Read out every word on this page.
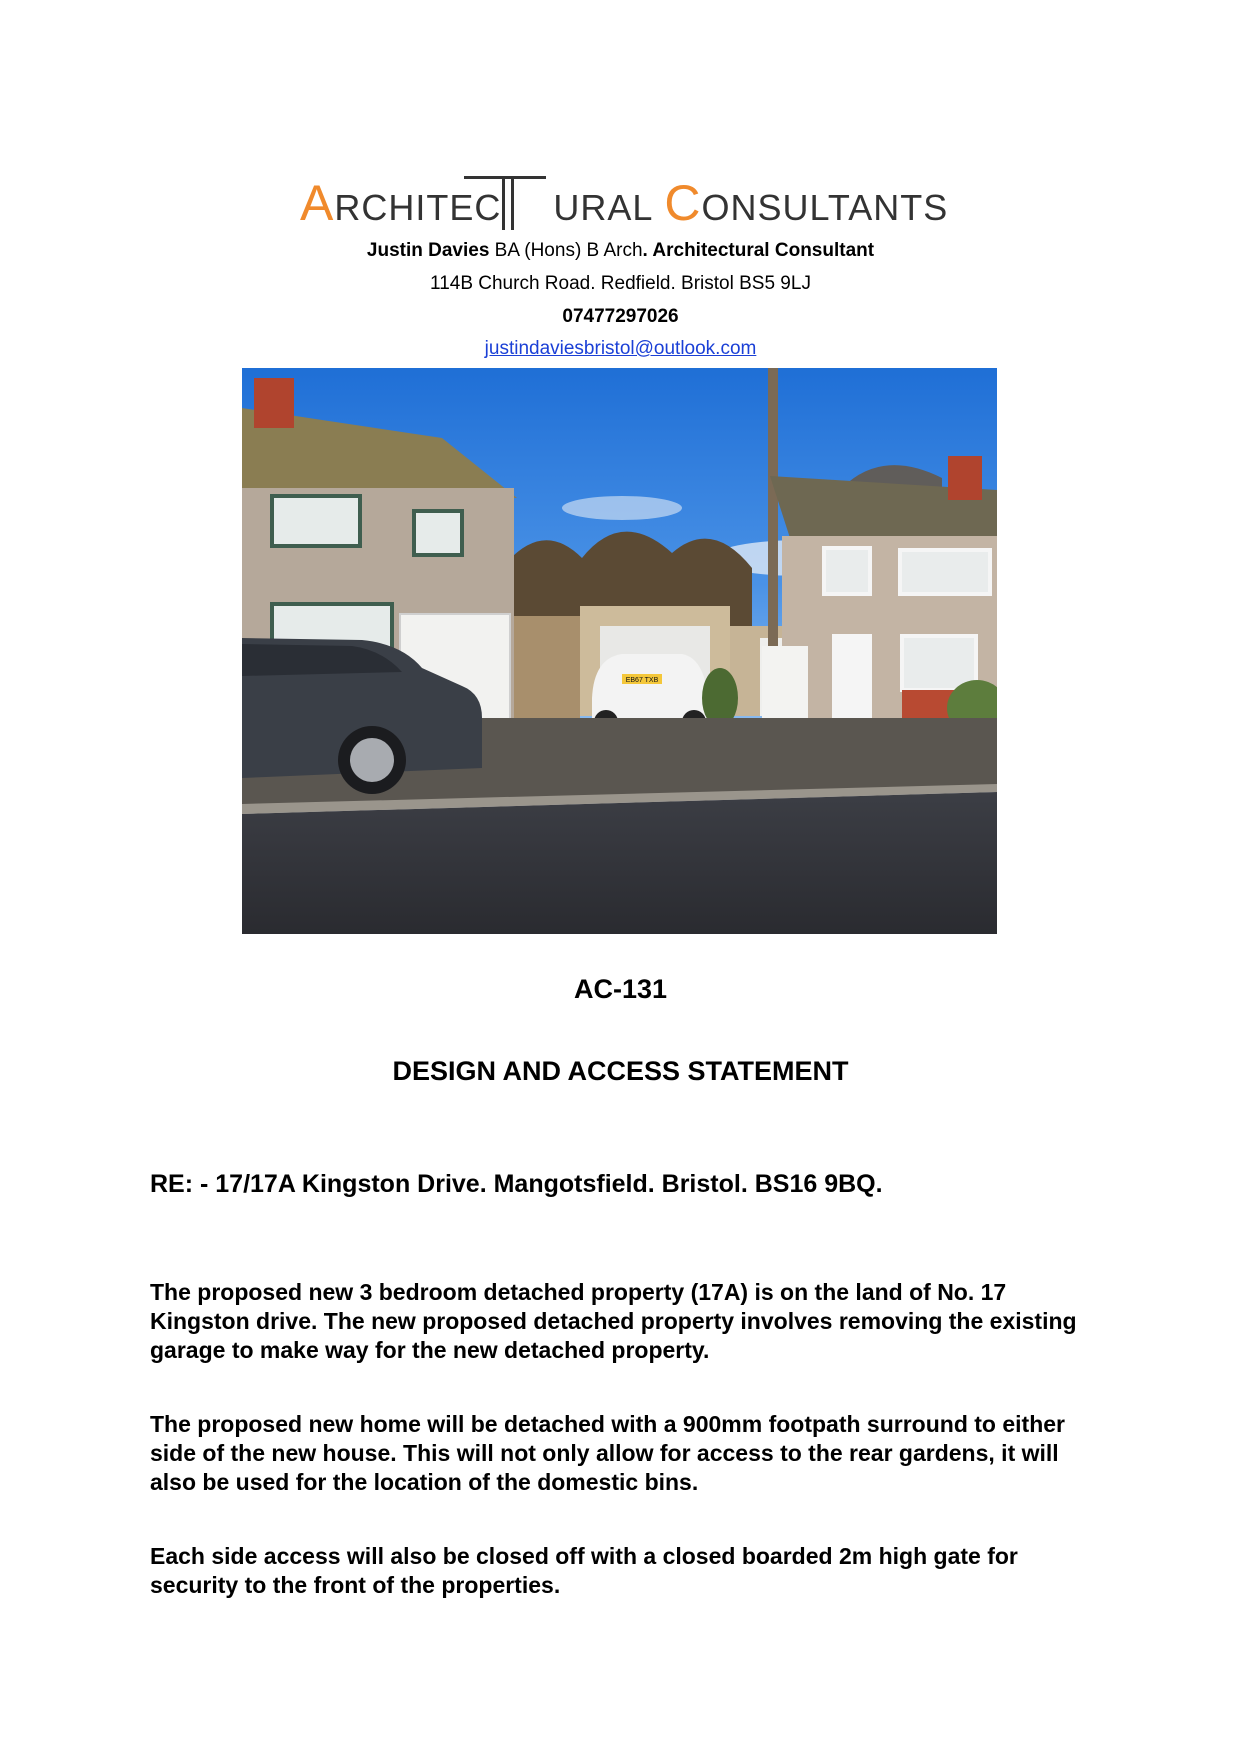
ARCHITEC URAL CONSULTANTS
Justin Davies BA (Hons) B Arch. Architectural Consultant
114B Church Road. Redfield. Bristol BS5 9LJ
07477297026
justindaviesbristol@outlook.com
EB67 TXB
AC-131
DESIGN AND ACCESS STATEMENT
RE: - 17/17A Kingston Drive. Mangotsfield. Bristol. BS16 9BQ.

The proposed new 3 bedroom detached property (17A) is on the land of No. 17 Kingston drive. The new proposed detached property involves removing the existing garage to make way for the new detached property.

The proposed new home will be detached with a 900mm footpath surround to either side of the new house. This will not only allow for access to the rear gardens, it will also be used for the location of the domestic bins.

Each side access will also be closed off with a closed boarded 2m high gate for security to the front of the properties.
